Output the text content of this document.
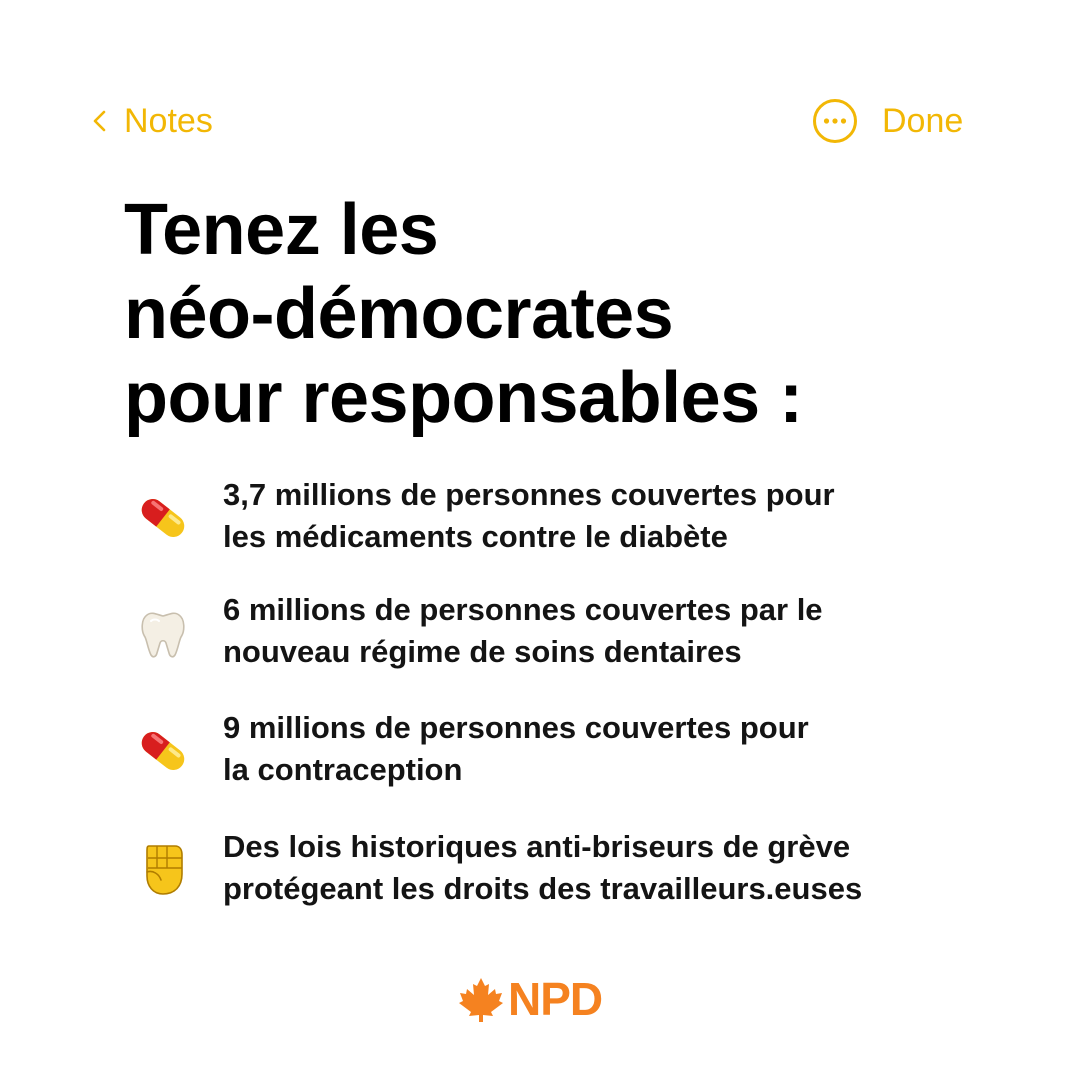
Notes	Done
Tenez les
néo-démocrates
pour responsables :
3,7 millions de personnes couvertes pour
les médicaments contre le diabète
6 millions de personnes couvertes par le
nouveau régime de soins dentaires
9 millions de personnes couvertes pour
la contraception
Des lois historiques anti-briseurs de grève
protégeant les droits des travailleurs.euses
NPD
